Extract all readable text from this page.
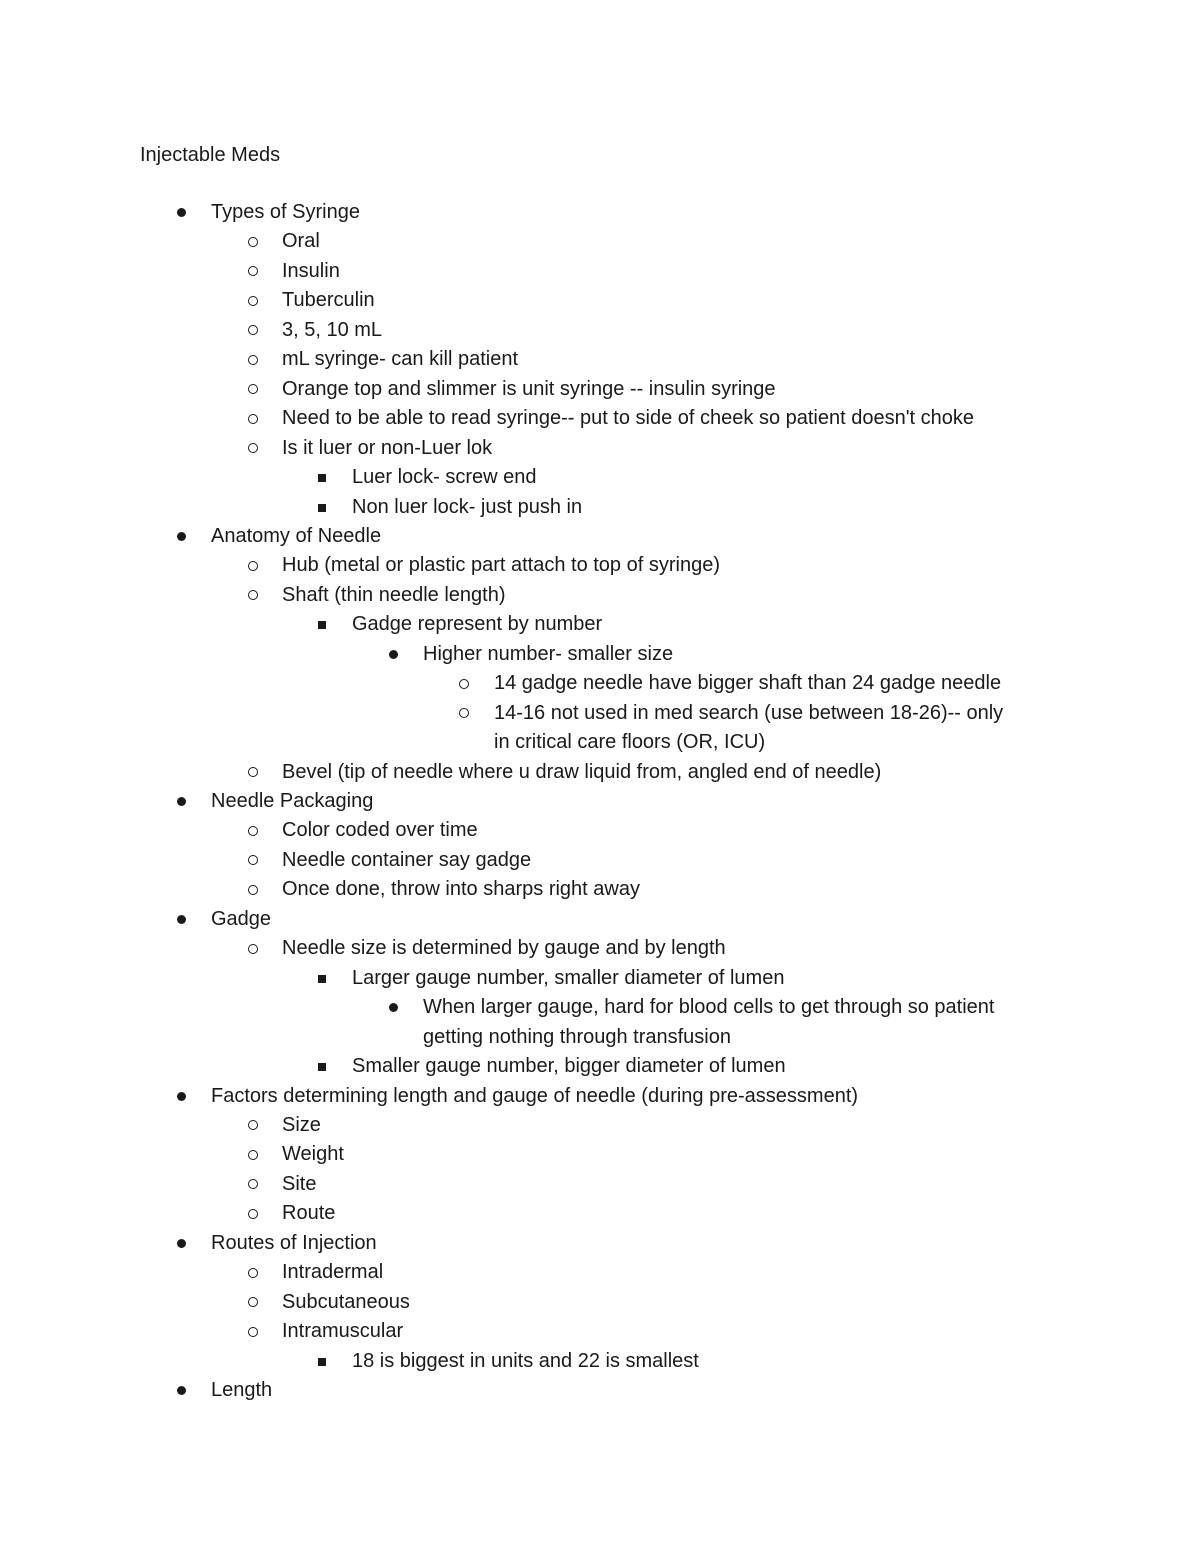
Injectable Meds
Types of Syringe
Oral
Insulin
Tuberculin
3, 5, 10 mL
mL syringe- can kill patient
Orange top and slimmer is unit syringe -- insulin syringe
Need to be able to read syringe-- put to side of cheek so patient doesn't choke
Is it luer or non-Luer lok
Luer lock- screw end
Non luer lock- just push in
Anatomy of Needle
Hub (metal or plastic part attach to top of syringe)
Shaft (thin needle length)
Gadge represent by number
Higher number- smaller size
14 gadge needle have bigger shaft than 24 gadge needle
14-16 not used in med search (use between 18-26)-- only
in critical care floors (OR, ICU)
Bevel (tip of needle where u draw liquid from, angled end of needle)
Needle Packaging
Color coded over time
Needle container say gadge
Once done, throw into sharps right away
Gadge
Needle size is determined by gauge and by length
Larger gauge number, smaller diameter of lumen
When larger gauge, hard for blood cells to get through so patient
getting nothing through transfusion
Smaller gauge number, bigger diameter of lumen
Factors determining length and gauge of needle (during pre-assessment)
Size
Weight
Site
Route
Routes of Injection
Intradermal
Subcutaneous
Intramuscular
18 is biggest in units and 22 is smallest
Length
